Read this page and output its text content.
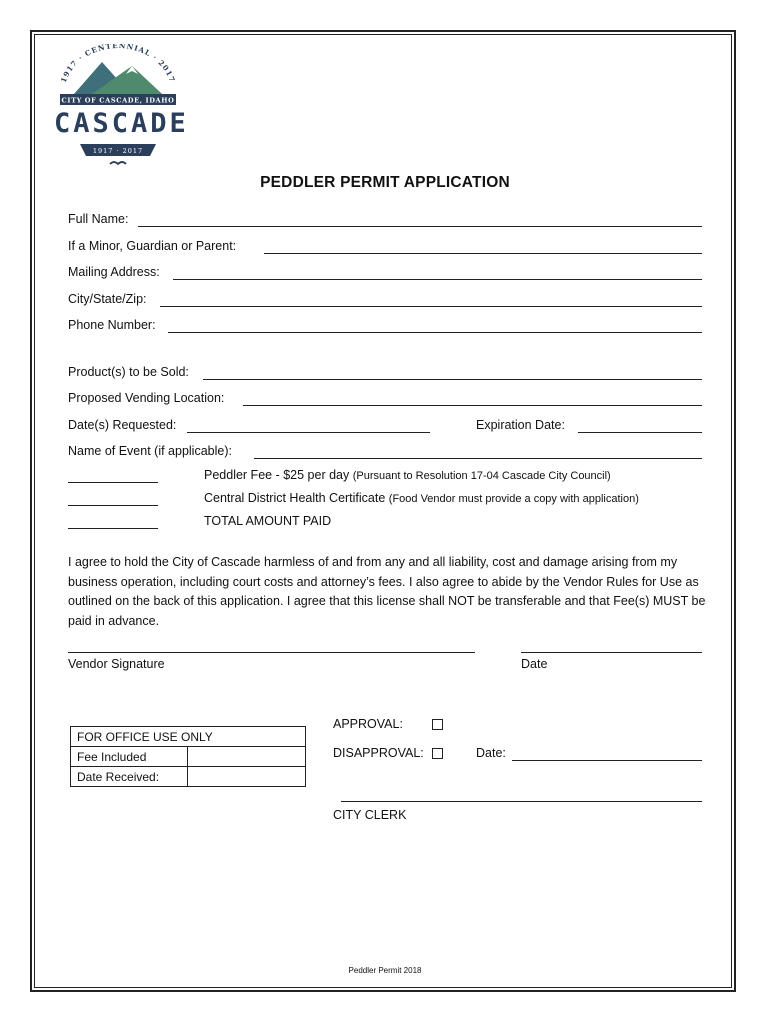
1917 · CENTENNIAL · 2017
CITY OF CASCADE, IDAHO
1917 · 2017
CASCADE
PEDDLER PERMIT APPLICATION
Full Name:
If a Minor, Guardian or Parent:
Mailing Address:
City/State/Zip:
Phone Number:
Product(s) to be Sold:
Proposed Vending Location:
Date(s) Requested:	Expiration Date:
Name of Event (if applicable):
Peddler Fee - $25 per day (Pursuant to Resolution 17-04 Cascade City Council)
Central District Health Certificate (Food Vendor must provide a copy with application)
TOTAL AMOUNT PAID
I agree to hold the City of Cascade harmless of and from any and all liability, cost and damage arising from my business operation, including court costs and attorney’s fees. I also agree to abide by the Vendor Rules for Use as outlined on the back of this application. I agree that this license shall NOT be transferable and that Fee(s) MUST be paid in advance.
Vendor Signature	Date
FOR OFFICE USE ONLY	
Fee Included	
Date Received:	
APPROVAL:
DISAPPROVAL:	Date:
CITY CLERK
Peddler Permit 2018
